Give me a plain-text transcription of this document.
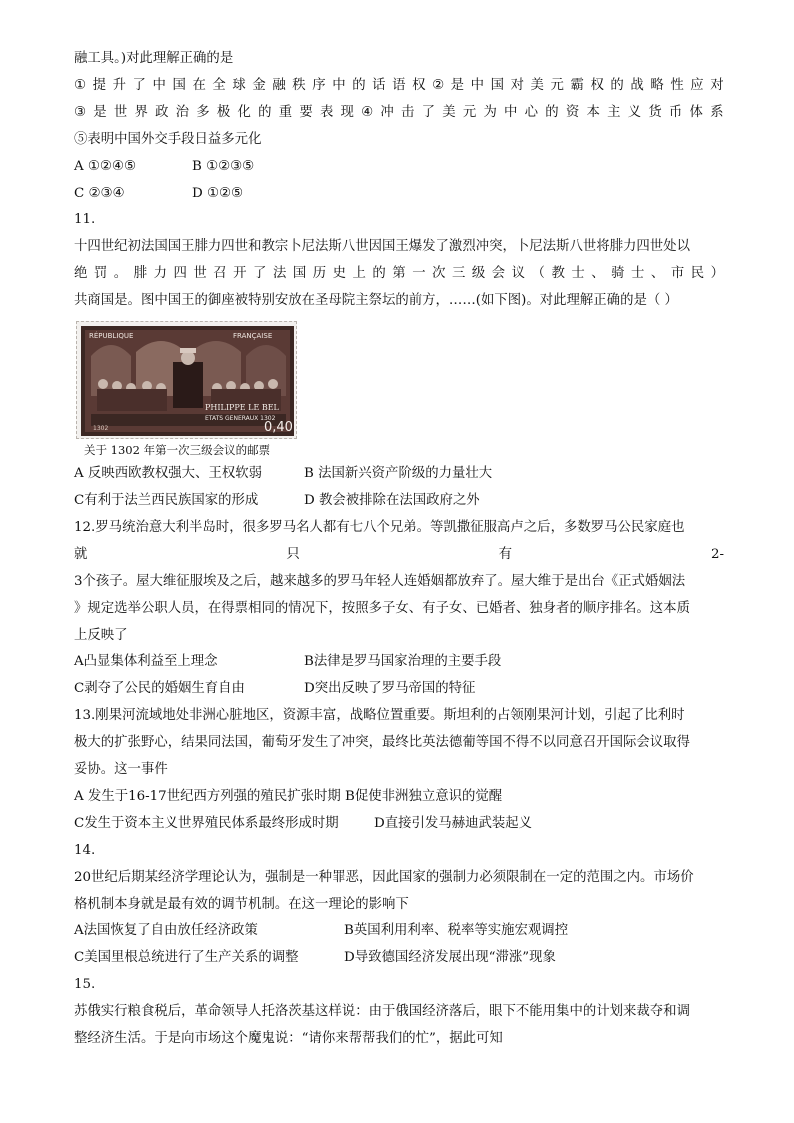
融工具。)对此理解正确的是

① 提 升 了 中 国 在 全 球 金 融 秩 序 中 的 话 语 权 ② 是 中 国 对 美 元 霸 权 的 战 略 性 应 对

③ 是 世 界 政 治 多 极 化 的 重 要 表 现 ④ 冲 击 了 美 元 为 中 心 的 资 本 主 义 货 币 体 系

⑤表明中国外交手段日益多元化

A ①②④⑤	B ①②③⑤

C ②③④	D ①②⑤

11.

十四世纪初法国国王腓力四世和教宗卜尼法斯八世因国王爆发了激烈冲突，卜尼法斯八世将腓力四世处以

绝罚。腓力四世召开了法国历史上的第一次三级会议（教士、骑士、市民）

共商国是。图中国王的御座被特别安放在圣母院主祭坛的前方，……(如下图)。对此理解正确的是（ ）

RÉPUBLIQUE	FRANÇAISE
PHILIPPE LE BEL
ETATS GENERAUX 1302
1302	0,40

关于 1302 年第一次三级会议的邮票

A 反映西欧教权强大、王权软弱	B 法国新兴资产阶级的力量壮大

C有利于法兰西民族国家的形成	D 教会被排除在法国政府之外

12.罗马统治意大利半岛时，很多罗马名人都有七八个兄弟。等凯撒征服高卢之后，多数罗马公民家庭也

就	只	有	2-

3个孩子。屋大维征服埃及之后，越来越多的罗马年轻人连婚姻都放弃了。屋大维于是出台《正式婚姻法

》规定选举公职人员，在得票相同的情况下，按照多子女、有子女、已婚者、独身者的顺序排名。这本质

上反映了

A凸显集体利益至上理念	B法律是罗马国家治理的主要手段

C剥夺了公民的婚姻生育自由	D突出反映了罗马帝国的特征

13.刚果河流域地处非洲心脏地区，资源丰富，战略位置重要。斯坦利的占领刚果河计划，引起了比利时

极大的扩张野心，结果同法国，葡萄牙发生了冲突，最终比英法德葡等国不得不以同意召开国际会议取得

妥协。这一事件

A 发生于16-17世纪西方列强的殖民扩张时期 B促使非洲独立意识的觉醒

C发生于资本主义世界殖民体系最终形成时期	D直接引发马赫迪武装起义

14.

20世纪后期某经济学理论认为，强制是一种罪恶，因此国家的强制力必须限制在一定的范围之内。市场价

格机制本身就是最有效的调节机制。在这一理论的影响下

A法国恢复了自由放任经济政策	B英国利用利率、税率等实施宏观调控

C美国里根总统进行了生产关系的调整	D导致德国经济发展出现“滞涨”现象

15.

苏俄实行粮食税后，革命领导人托洛茨基这样说：由于俄国经济落后，眼下不能用集中的计划来裁夺和调

整经济生活。于是向市场这个魔鬼说：“请你来帮帮我们的忙”，据此可知
